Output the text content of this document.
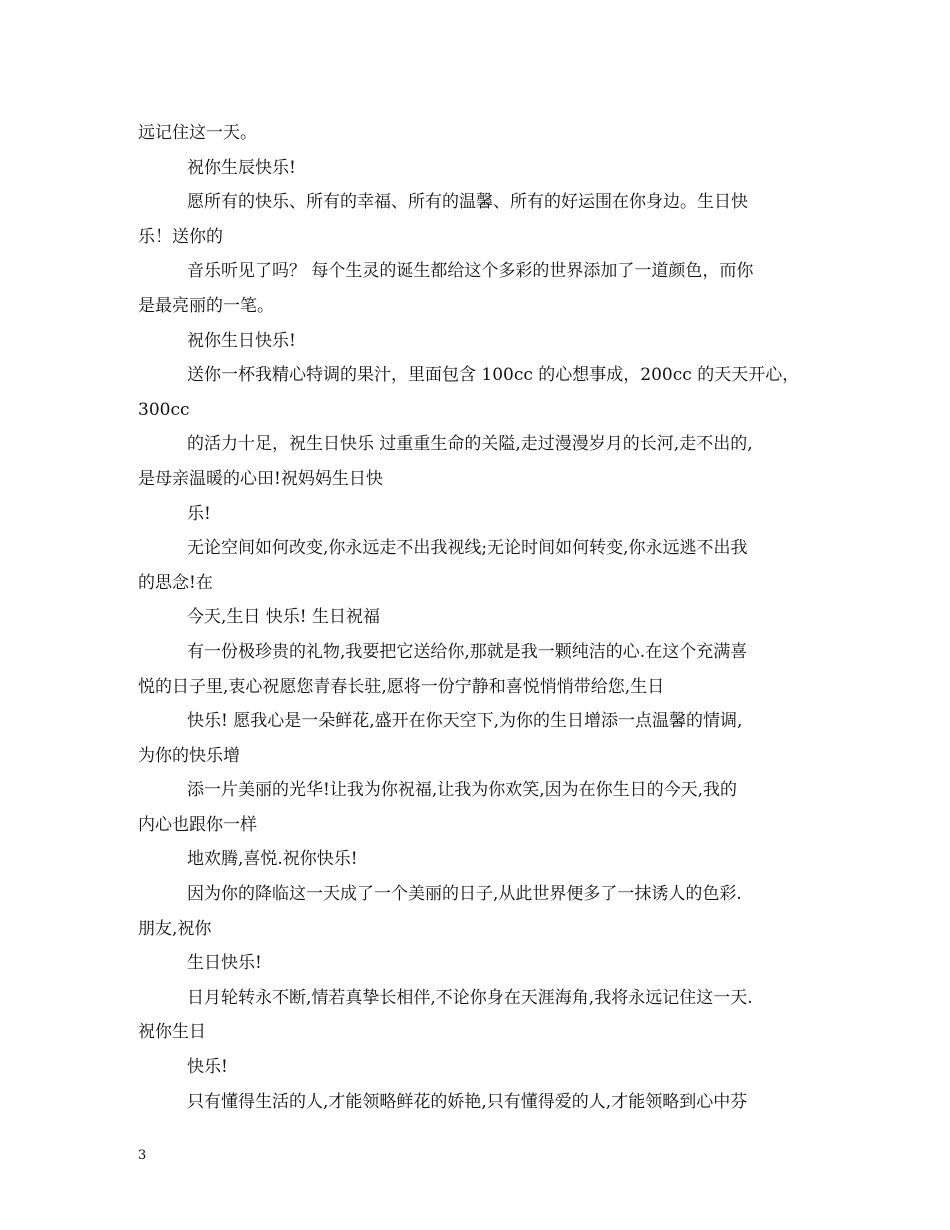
远记住这一天。
祝你生辰快乐!
愿所有的快乐、所有的幸福、所有的温馨、所有的好运围在你身边。生日快
乐！送你的
音乐听见了吗？ 每个生灵的诞生都给这个多彩的世界添加了一道颜色，而你
是最亮丽的一笔。
祝你生日快乐!
送你一杯我精心特调的果汁，里面包含 100cc 的心想事成，200cc 的天天开心，
300cc
的活力十足，祝生日快乐 过重重生命的关隘,走过漫漫岁月的长河,走不出的,
是母亲温暖的心田!祝妈妈生日快
乐!
无论空间如何改变,你永远走不出我视线;无论时间如何转变,你永远逃不出我
的思念!在
今天,生日 快乐! 生日祝福
有一份极珍贵的礼物,我要把它送给你,那就是我一颗纯洁的心.在这个充满喜
悦的日子里,衷心祝愿您青春长驻,愿将一份宁静和喜悦悄悄带给您,生日
快乐! 愿我心是一朵鲜花,盛开在你天空下,为你的生日增添一点温馨的情调,
为你的快乐增
添一片美丽的光华!让我为你祝福,让我为你欢笑,因为在你生日的今天,我的
内心也跟你一样
地欢腾,喜悦.祝你快乐!
因为你的降临这一天成了一个美丽的日子,从此世界便多了一抹诱人的色彩.
朋友,祝你
生日快乐!
日月轮转永不断,情若真挚长相伴,不论你身在天涯海角,我将永远记住这一天.
祝你生日
快乐!
只有懂得生活的人,才能领略鲜花的娇艳,只有懂得爱的人,才能领略到心中芬
3
